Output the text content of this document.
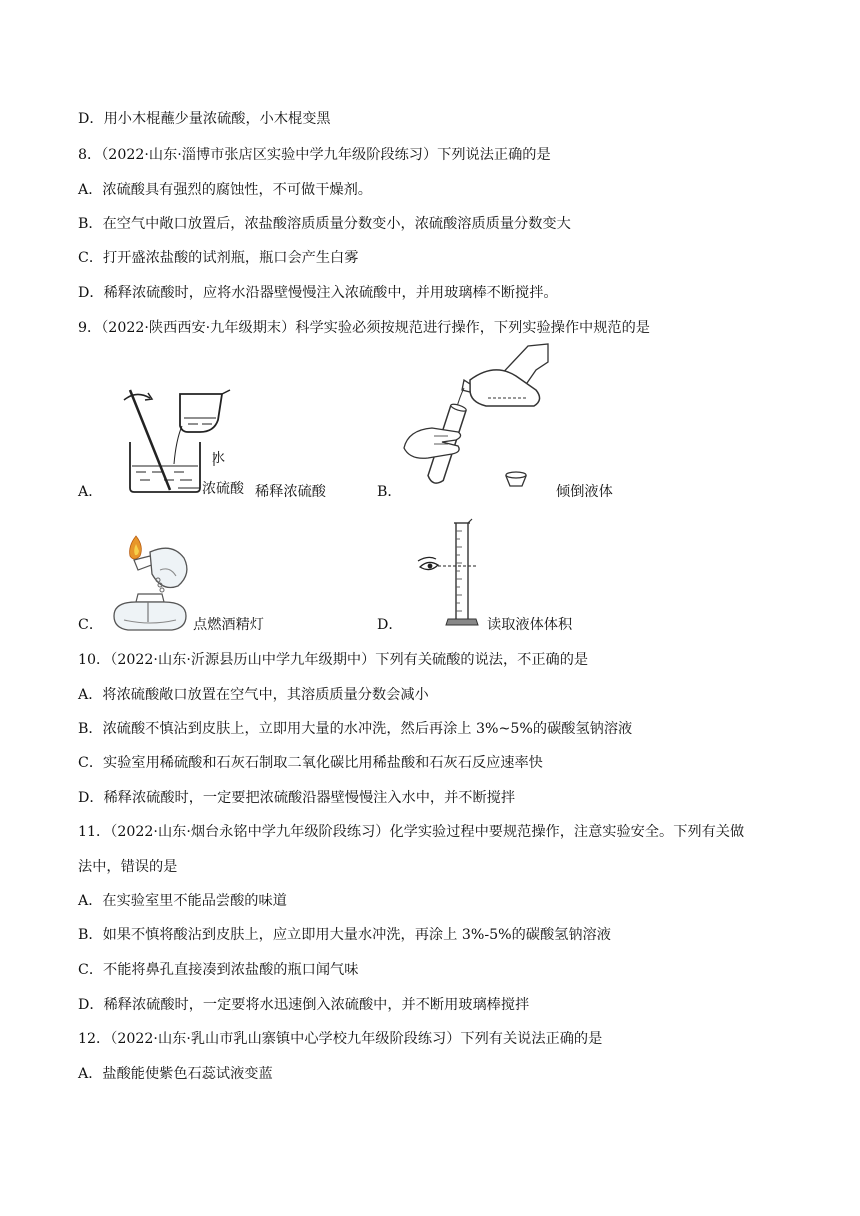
D．用小木棍蘸少量浓硫酸，小木棍变黑
8．（2022·山东·淄博市张店区实验中学九年级阶段练习）下列说法正确的是
A．浓硫酸具有强烈的腐蚀性，不可做干燥剂。
B．在空气中敞口放置后，浓盐酸溶质质量分数变小，浓硫酸溶质质量分数变大
C．打开盛浓盐酸的试剂瓶，瓶口会产生白雾
D．稀释浓硫酸时，应将水沿器壁慢慢注入浓硫酸中，并用玻璃棒不断搅拌。
9．（2022·陕西西安·九年级期末）科学实验必须按规范进行操作，下列实验操作中规范的是
A．
水
浓硫酸 稀释浓硫酸	B．	倾倒液体
C．	点燃酒精灯	D．	读取液体体积
10．（2022·山东·沂源县历山中学九年级期中）下列有关硫酸的说法，不正确的是
A．将浓硫酸敞口放置在空气中，其溶质质量分数会减小
B．浓硫酸不慎沾到皮肤上，立即用大量的水冲洗，然后再涂上 3%~5%的碳酸氢钠溶液
C．实验室用稀硫酸和石灰石制取二氧化碳比用稀盐酸和石灰石反应速率快
D．稀释浓硫酸时，一定要把浓硫酸沿器壁慢慢注入水中，并不断搅拌
11．（2022·山东·烟台永铭中学九年级阶段练习）化学实验过程中要规范操作，注意实验安全。下列有关做
法中，错误的是
A．在实验室里不能品尝酸的味道
B．如果不慎将酸沾到皮肤上，应立即用大量水冲洗，再涂上 3%-5%的碳酸氢钠溶液
C．不能将鼻孔直接凑到浓盐酸的瓶口闻气味
D．稀释浓硫酸时，一定要将水迅速倒入浓硫酸中，并不断用玻璃棒搅拌
12．（2022·山东·乳山市乳山寨镇中心学校九年级阶段练习）下列有关说法正确的是
A．盐酸能使紫色石蕊试液变蓝
